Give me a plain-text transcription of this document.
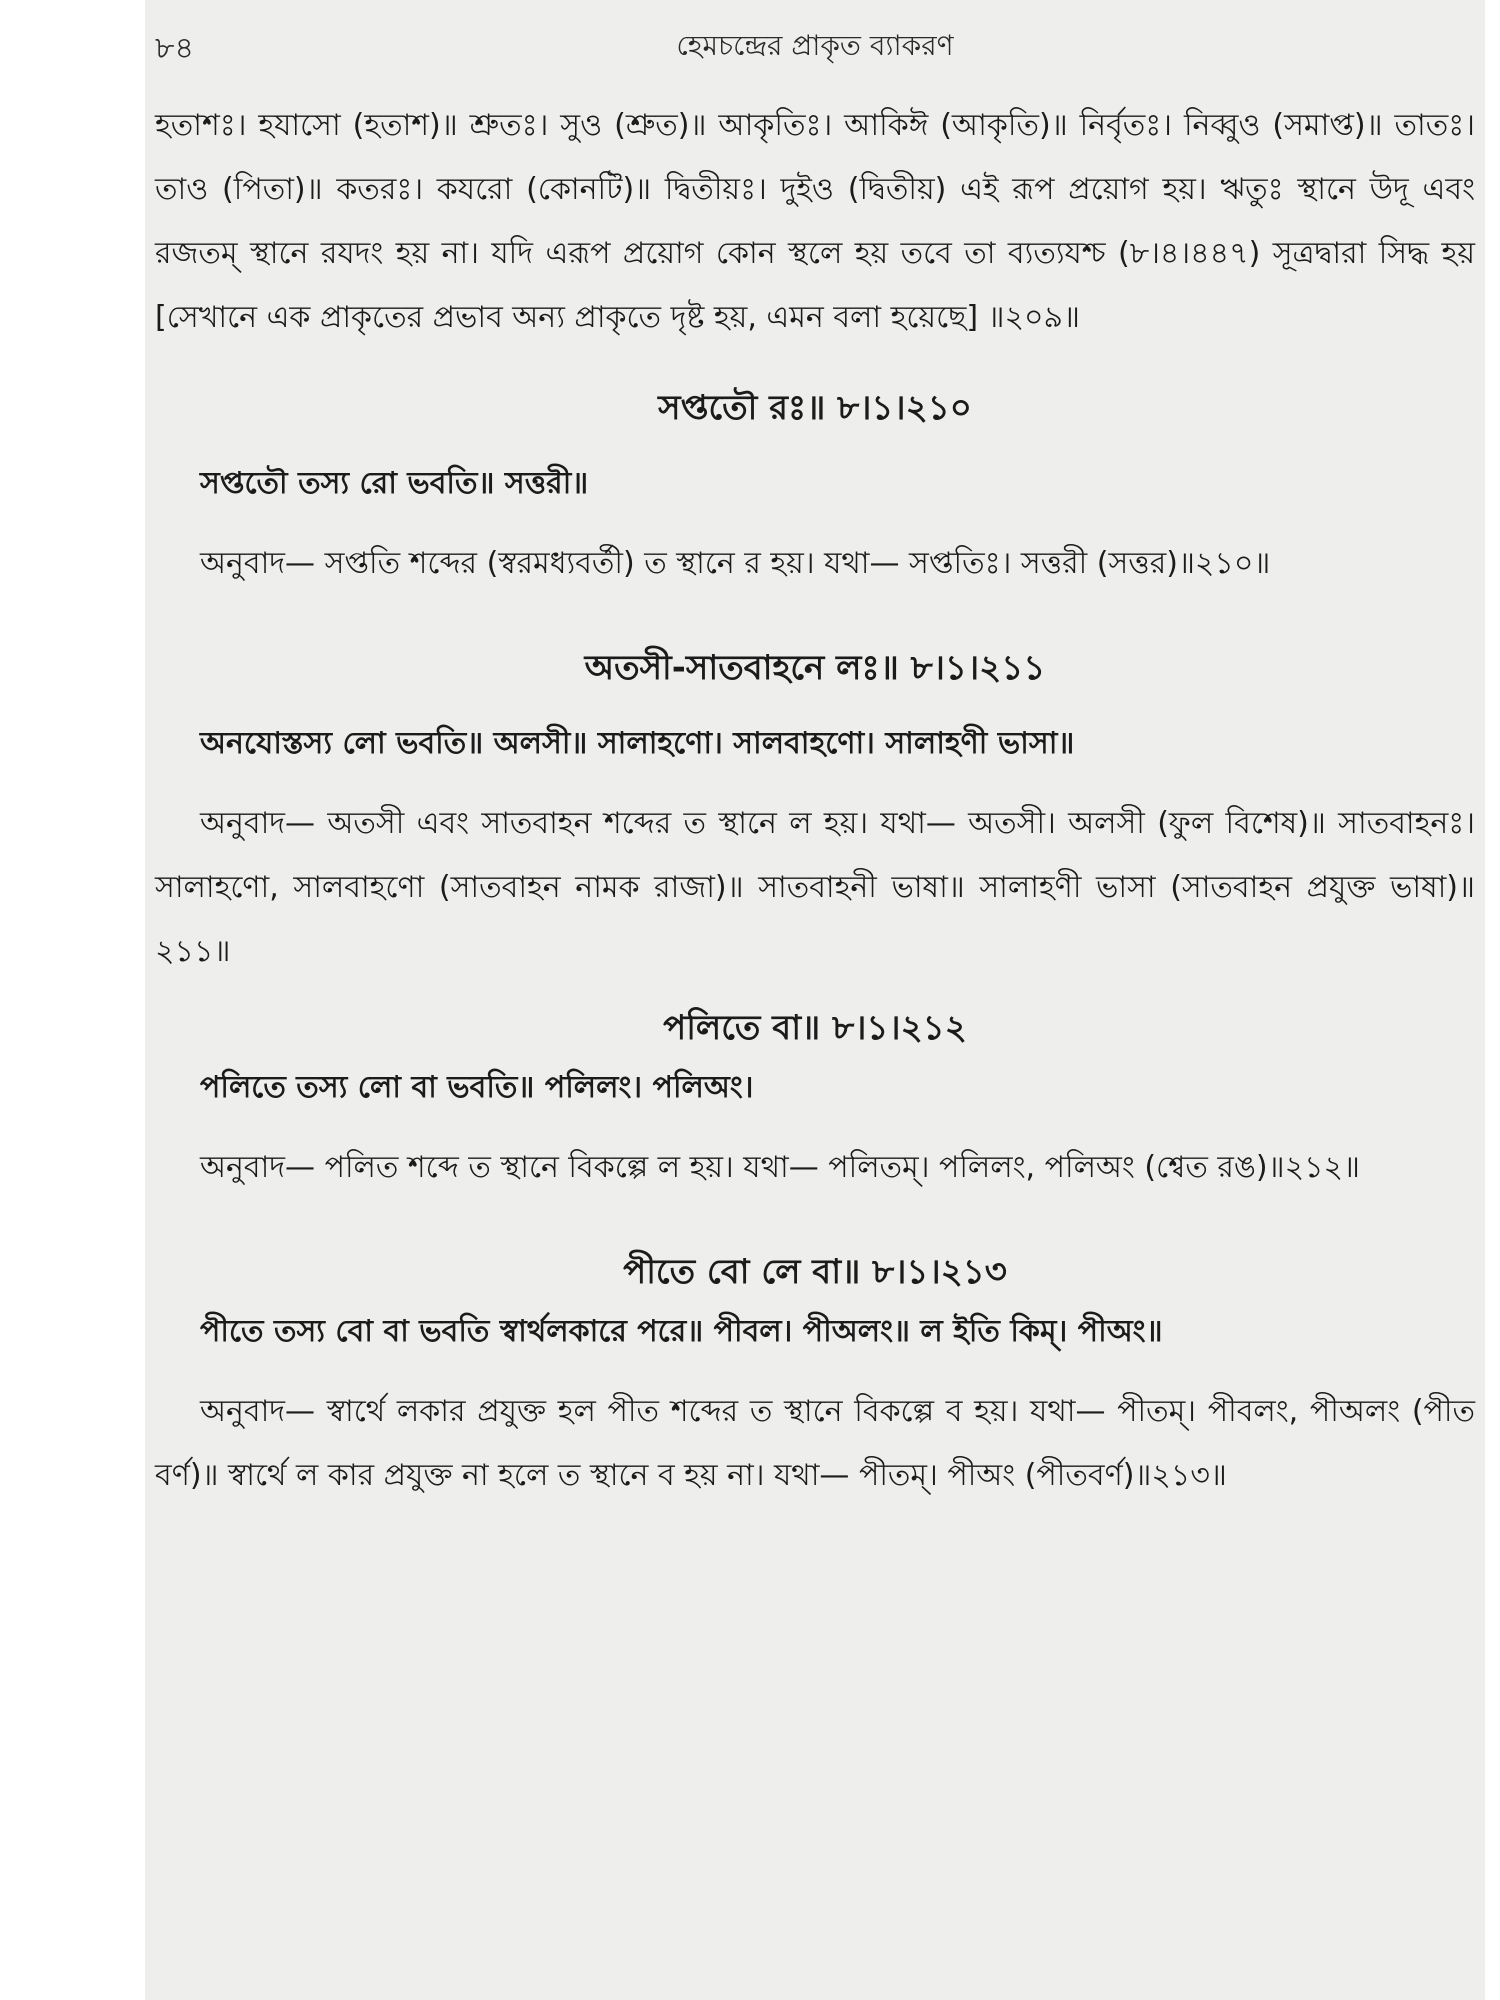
৮৪	হেমচন্দ্রের প্রাকৃত ব্যাকরণ

হতাশঃ। হযাসো (হতাশ)॥ শ্রুতঃ। সুও (শ্রুত)॥ আকৃতিঃ। আকিঈ (আকৃতি)॥ নির্বৃতঃ। নিব্বুও (সমাপ্ত)॥ তাতঃ। তাও (পিতা)॥ কতরঃ। কযরো (কোনটি)॥ দ্বিতীয়ঃ। দুইও (দ্বিতীয়) এই রূপ প্রয়োগ হয়। ঋতুঃ স্থানে উদূ এবং রজতম্ স্থানে রযদং হয় না। যদি এরূপ প্রয়োগ কোন স্থলে হয় তবে তা ব্যত্যযশ্চ (৮।৪।৪৪৭) সূত্রদ্বারা সিদ্ধ হয় [সেখানে এক প্রাকৃতের প্রভাব অন্য প্রাকৃতে দৃষ্ট হয়, এমন বলা হয়েছে] ॥২০৯॥

সপ্ততৌ রঃ॥ ৮।১।২১০

সপ্ততৌ তস্য রো ভবতি॥ সত্তরী॥

অনুবাদ— সপ্ততি শব্দের (স্বরমধ্যবর্তী) ত স্থানে র হয়। যথা— সপ্ততিঃ। সত্তরী (সত্তর)॥২১০॥

অতসী-সাতবাহনে লঃ॥ ৮।১।২১১

অনযোস্তস্য লো ভবতি॥ অলসী॥ সালাহণো। সালবাহণো। সালাহণী ভাসা॥

অনুবাদ— অতসী এবং সাতবাহন শব্দের ত স্থানে ল হয়। যথা— অতসী। অলসী (ফুল বিশেষ)॥ সাতবাহনঃ। সালাহণো, সালবাহণো (সাতবাহন নামক রাজা)॥ সাতবাহনী ভাষা॥ সালাহণী ভাসা (সাতবাহন প্রযুক্ত ভাষা)॥২১১॥

পলিতে বা॥ ৮।১।২১২

পলিতে তস্য লো বা ভবতি॥ পলিলং। পলিঅং।

অনুবাদ— পলিত শব্দে ত স্থানে বিকল্পে ল হয়। যথা— পলিতম্। পলিলং, পলিঅং (শ্বেত রঙ)॥২১২॥

পীতে বো লে বা॥ ৮।১।২১৩

পীতে তস্য বো বা ভবতি স্বার্থলকারে পরে॥ পীবল। পীঅলং॥ ল ইতি কিম্। পীঅং॥

অনুবাদ— স্বার্থে লকার প্রযুক্ত হল পীত শব্দের ত স্থানে বিকল্পে ব হয়। যথা— পীতম্। পীবলং, পীঅলং (পীত বর্ণ)॥ স্বার্থে ল কার প্রযুক্ত না হলে ত স্থানে ব হয় না। যথা— পীতম্। পীঅং (পীতবর্ণ)॥২১৩॥
